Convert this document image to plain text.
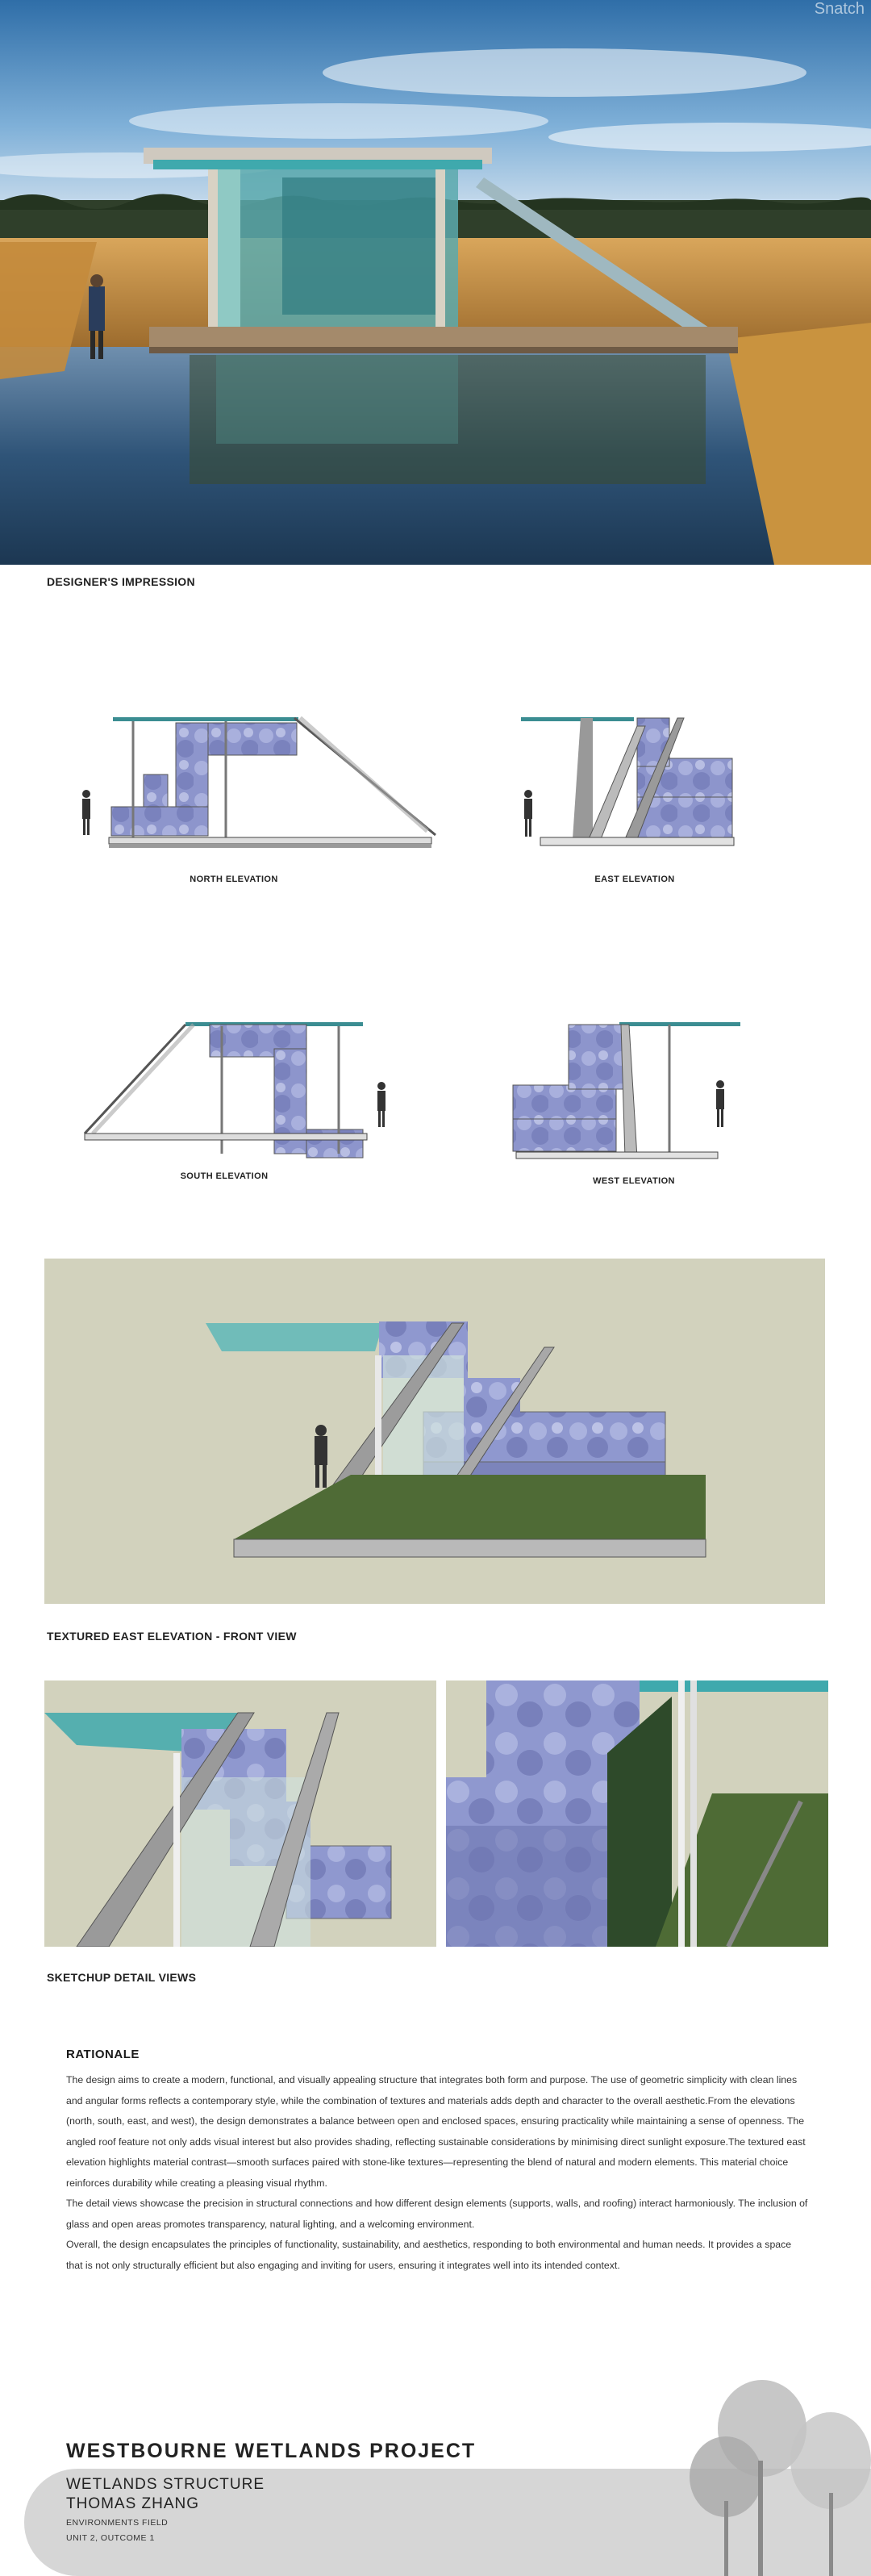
Snatch
DESIGNER'S IMPRESSION
NORTH ELEVATION	EAST ELEVATION
SOUTH ELEVATION	WEST ELEVATION
TEXTURED EAST ELEVATION - FRONT VIEW
SKETCHUP DETAIL VIEWS
RATIONALE

The design aims to create a modern, functional, and visually appealing structure that integrates both form and purpose. The use of geometric simplicity with clean lines and angular forms reflects a contemporary style, while the combination of textures and materials adds depth and character to the overall aesthetic.From the elevations (north, south, east, and west), the design demonstrates a balance between open and enclosed spaces, ensuring practicality while maintaining a sense of openness. The angled roof feature not only adds visual interest but also provides shading, reflecting sustainable considerations by minimising direct sunlight exposure.The textured east elevation highlights material contrast—smooth surfaces paired with stone-like textures—representing the blend of natural and modern elements. This material choice reinforces durability while creating a pleasing visual rhythm.

The detail views showcase the precision in structural connections and how different design elements (supports, walls, and roofing) interact harmoniously. The inclusion of glass and open areas promotes transparency, natural lighting, and a welcoming environment.

Overall, the design encapsulates the principles of functionality, sustainability, and aesthetics, responding to both environmental and human needs. It provides a space that is not only structurally efficient but also engaging and inviting for users, ensuring it integrates well into its intended context.

WESTBOURNE WETLANDS PROJECT
WETLANDS STRUCTURE
THOMAS ZHANG
ENVIRONMENTS FIELD
UNIT 2, OUTCOME 1
